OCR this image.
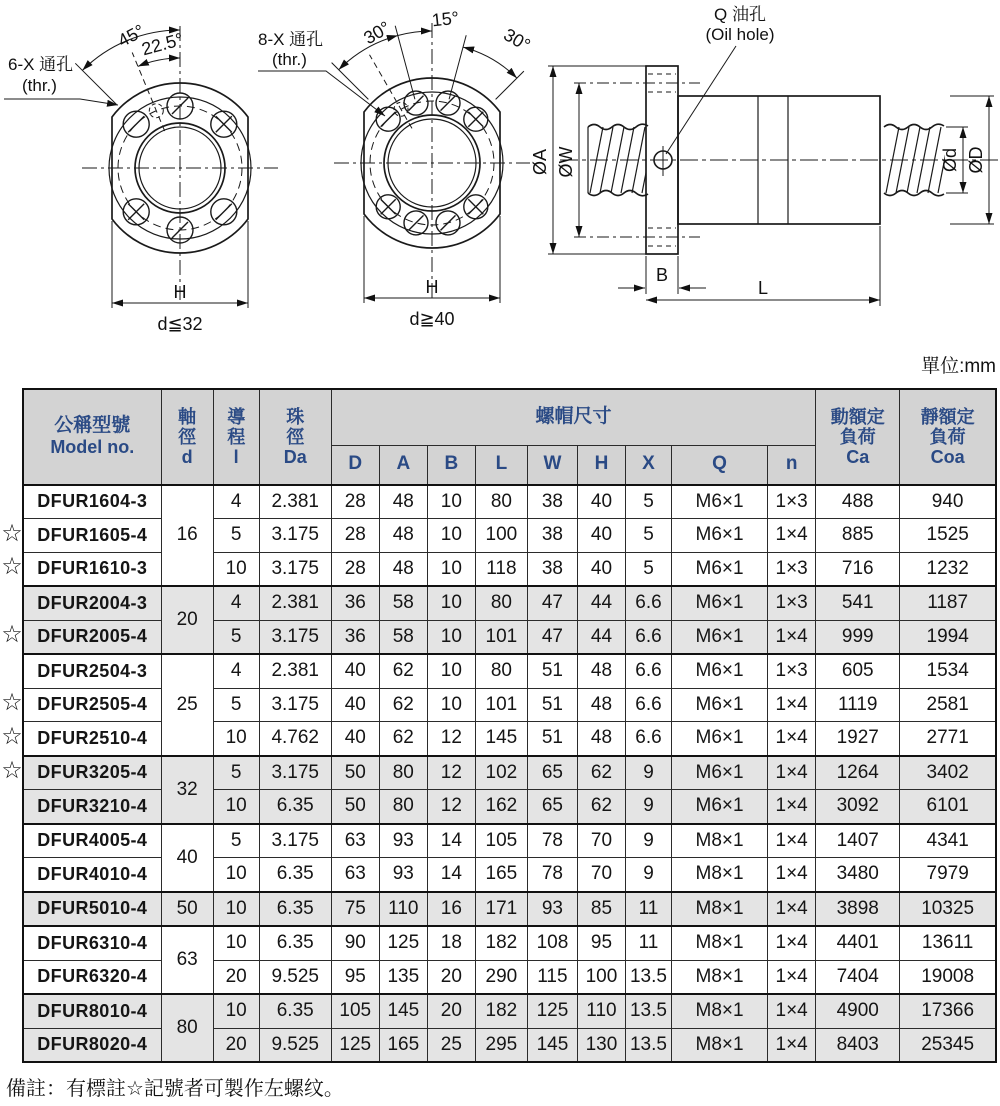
45°
22.5°
H
d≦32
6-X 通孔
(thr.)
30° 15°
30°
H
d≧40
8-X 通孔
(thr.)
Q 油孔
(Oil hole)
ØA ØW	Ød ØD
B
L
單位:mm
公稱型號
Model no.

軸
徑
d

導
程
l

珠
徑
Da
	螺帽尺寸	動額定
負荷
Ca

靜額定
負荷
Coa

				D	A	B	L	W	H	X	Q	n		
DFUR1604-3	16	4	2.381	28	48	10	80	38	40	5	M6×1	1×3	488	940
DFUR1605-4		5	3.175	28	48	10	100	38	40	5	M6×1	1×4	885	1525
DFUR1610-3		10	3.175	28	48	10	118	38	40	5	M6×1	1×3	716	1232
DFUR2004-3	20	4	2.381	36	58	10	80	47	44	6.6	M6×1	1×3	541	1187
DFUR2005-4		5	3.175	36	58	10	101	47	44	6.6	M6×1	1×4	999	1994
DFUR2504-3	25	4	2.381	40	62	10	80	51	48	6.6	M6×1	1×3	605	1534
DFUR2505-4		5	3.175	40	62	10	101	51	48	6.6	M6×1	1×4	1119	2581
DFUR2510-4		10	4.762	40	62	12	145	51	48	6.6	M6×1	1×4	1927	2771
DFUR3205-4	32	5	3.175	50	80	12	102	65	62	9	M6×1	1×4	1264	3402
DFUR3210-4		10	6.35	50	80	12	162	65	62	9	M6×1	1×4	3092	6101
DFUR4005-4	40	5	3.175	63	93	14	105	78	70	9	M8×1	1×4	1407	4341
DFUR4010-4		10	6.35	63	93	14	165	78	70	9	M8×1	1×4	3480	7979
DFUR5010-4	50	10	6.35	75	110	16	171	93	85	11	M8×1	1×4	3898	10325
DFUR6310-4	63	10	6.35	90	125	18	182	108	95	11	M8×1	1×4	4401	13611
DFUR6320-4		20	9.525	95	135	20	290	115	100	13.5	M8×1	1×4	7404	19008
DFUR8010-4	80	10	6.35	105	145	20	182	125	110	13.5	M8×1	1×4	4900	17366
DFUR8020-4		20	9.525	125	165	25	295	145	130	13.5	M8×1	1×4	8403	25345
☆
☆
☆
☆
☆
☆
備註：有標註☆記號者可製作左螺纹。
